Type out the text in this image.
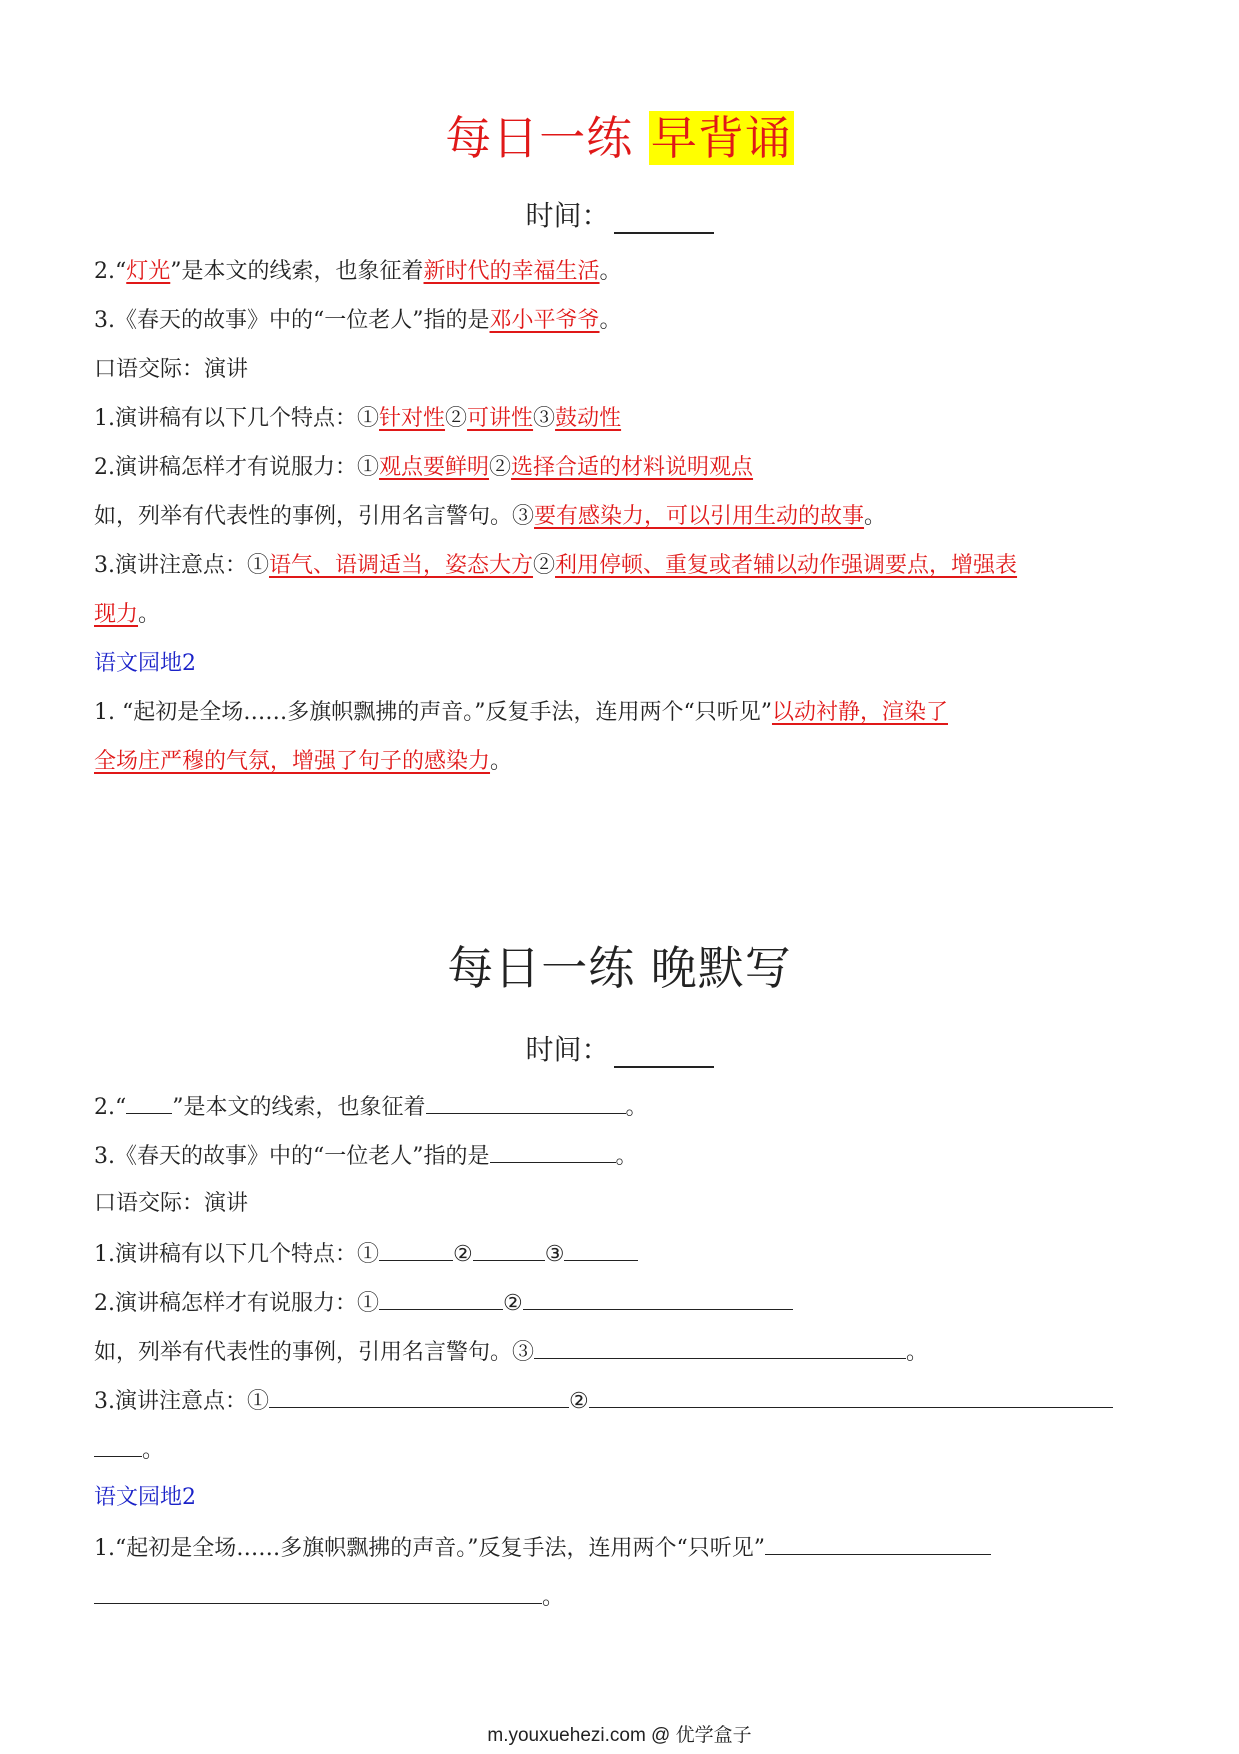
每日一练 早背诵
时间：
2.“灯光”是本文的线索，也象征着新时代的幸福生活。
3.《春天的故事》中的“一位老人”指的是邓小平爷爷。
口语交际：演讲
1.演讲稿有以下几个特点：①针对性②可讲性③鼓动性
2.演讲稿怎样才有说服力：①观点要鲜明②选择合适的材料说明观点
如，列举有代表性的事例，引用名言警句。③要有感染力，可以引用生动的故事。
3.演讲注意点：①语气、语调适当，姿态大方②利用停顿、重复或者辅以动作强调要点，增强表
现力。
语文园地2
1. “起初是全场……多旗帜飘拂的声音。”反复手法，连用两个“只听见”以动衬静，渲染了
全场庄严穆的气氛，增强了句子的感染力。
每日一练 晚默写
时间：
2.“ ”是本文的线索，也象征着	。
3.《春天的故事》中的“一位老人”指的是	。
口语交际：演讲
1.演讲稿有以下几个特点：①	②	③
2.演讲稿怎样才有说服力：①	②
如，列举有代表性的事例，引用名言警句。③	。
3.演讲注意点：①	②
。
语文园地2
1.“起初是全场……多旗帜飘拂的声音。”反复手法，连用两个“只听见”
。
m.youxuehezi.com @ 优学盒子
